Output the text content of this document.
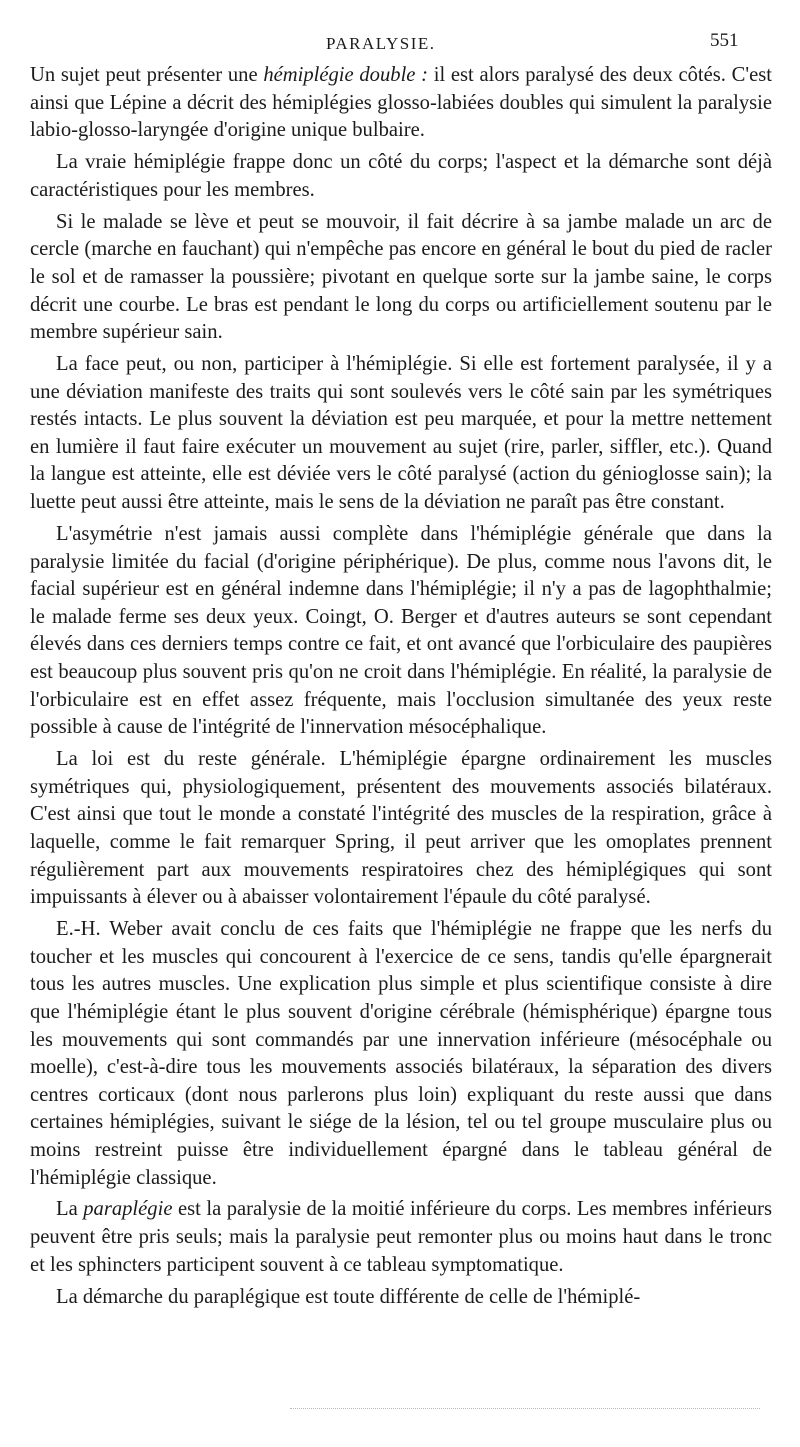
PARALYSIE.	551

Un sujet peut présenter une hémiplégie double : il est alors paralysé des deux côtés. C'est ainsi que Lépine a décrit des hémiplégies glosso-labiées doubles qui simulent la paralysie labio-glosso-laryngée d'origine unique bulbaire.

La vraie hémiplégie frappe donc un côté du corps; l'aspect et la démarche sont déjà caractéristiques pour les membres.

Si le malade se lève et peut se mouvoir, il fait décrire à sa jambe malade un arc de cercle (marche en fauchant) qui n'empêche pas encore en général le bout du pied de racler le sol et de ramasser la poussière; pivotant en quelque sorte sur la jambe saine, le corps décrit une courbe. Le bras est pendant le long du corps ou artificiellement soutenu par le membre supérieur sain.

La face peut, ou non, participer à l'hémiplégie. Si elle est fortement paralysée, il y a une déviation manifeste des traits qui sont soulevés vers le côté sain par les symétriques restés intacts. Le plus souvent la déviation est peu marquée, et pour la mettre nettement en lumière il faut faire exécuter un mouvement au sujet (rire, parler, siffler, etc.). Quand la langue est atteinte, elle est déviée vers le côté paralysé (action du génioglosse sain); la luette peut aussi être atteinte, mais le sens de la déviation ne paraît pas être constant.

L'asymétrie n'est jamais aussi complète dans l'hémiplégie générale que dans la paralysie limitée du facial (d'origine périphérique). De plus, comme nous l'avons dit, le facial supérieur est en général indemne dans l'hémiplégie; il n'y a pas de lagophthalmie; le malade ferme ses deux yeux. Coingt, O. Berger et d'autres auteurs se sont cependant élevés dans ces derniers temps contre ce fait, et ont avancé que l'orbiculaire des paupières est beaucoup plus souvent pris qu'on ne croit dans l'hémiplégie. En réalité, la paralysie de l'orbiculaire est en effet assez fréquente, mais l'occlusion simultanée des yeux reste possible à cause de l'intégrité de l'innervation mésocéphalique.

La loi est du reste générale. L'hémiplégie épargne ordinairement les muscles symétriques qui, physiologiquement, présentent des mouvements associés bilatéraux. C'est ainsi que tout le monde a constaté l'intégrité des muscles de la respiration, grâce à laquelle, comme le fait remarquer Spring, il peut arriver que les omoplates prennent régulièrement part aux mouvements respiratoires chez des hémiplégiques qui sont impuissants à élever ou à abaisser volontairement l'épaule du côté paralysé.

E.-H. Weber avait conclu de ces faits que l'hémiplégie ne frappe que les nerfs du toucher et les muscles qui concourent à l'exercice de ce sens, tandis qu'elle épargnerait tous les autres muscles. Une explication plus simple et plus scientifique consiste à dire que l'hémiplégie étant le plus souvent d'origine cérébrale (hémisphérique) épargne tous les mouvements qui sont commandés par une innervation inférieure (mésocéphale ou moelle), c'est-à-dire tous les mouvements associés bilatéraux, la séparation des divers centres corticaux (dont nous parlerons plus loin) expliquant du reste aussi que dans certaines hémiplégies, suivant le siége de la lésion, tel ou tel groupe musculaire plus ou moins restreint puisse être individuellement épargné dans le tableau général de l'hémiplégie classique.

La paraplégie est la paralysie de la moitié inférieure du corps. Les membres inférieurs peuvent être pris seuls; mais la paralysie peut remonter plus ou moins haut dans le tronc et les sphincters participent souvent à ce tableau symptomatique.

La démarche du paraplégique est toute différente de celle de l'hémiplé-
